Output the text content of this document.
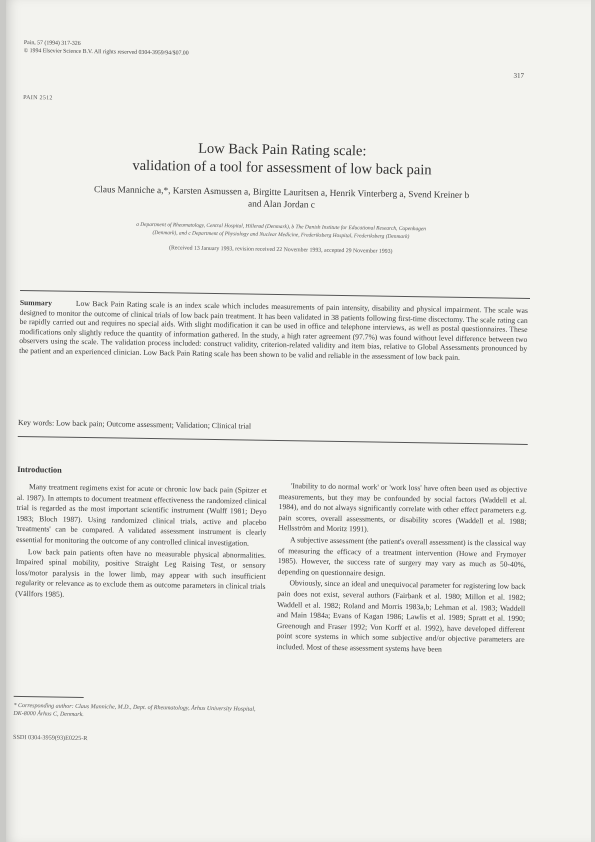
Pain, 57 (1994) 317-326
© 1994 Elsevier Science B.V. All rights reserved 0304-3959/94/$07.00
317
PAIN 2512
Low Back Pain Rating scale:
validation of a tool for assessment of low back pain
Claus Manniche a,*, Karsten Asmussen a, Birgitte Lauritsen a, Henrik Vinterberg a, Svend Kreiner b
and Alan Jordan c
a Department of Rheumatology, Central Hospital, Hillerød (Denmark), b The Danish Institute for Educational Research, Copenhagen
(Denmark), and c Department of Physiology and Nuclear Medicine, Frederiksberg Hospital, Frederiksberg (Denmark)
(Received 13 January 1993, revision received 22 November 1993, accepted 29 November 1993)
Summary	Low Back Pain Rating scale is an index scale which includes measurements of pain intensity, disability and physical impairment. The scale was designed to monitor the outcome of clinical trials of low back pain treatment. It has been validated in 38 patients following first-time discectomy. The scale rating can be rapidly carried out and requires no special aids. With slight modification it can be used in office and telephone interviews, as well as postal questionnaires. These modifications only slightly reduce the quantity of information gathered. In the study, a high rater agreement (97.7%) was found without level difference between two observers using the scale. The validation process included: construct validity, criterion-related validity and item bias, relative to Global Assessments pronounced by the patient and an experienced clinician. Low Back Pain Rating scale has been shown to be valid and reliable in the assessment of low back pain.
Key words: Low back pain; Outcome assessment; Validation; Clinical trial
Introduction

Many treatment regimens exist for acute or chronic low back pain (Spitzer et al. 1987). In attempts to document treatment effectiveness the randomized clinical trial is regarded as the most important scientific instrument (Wulff 1981; Deyo 1983; Bloch 1987). Using randomized clinical trials, active and placebo 'treatments' can be compared. A validated assessment instrument is clearly essential for monitoring the outcome of any controlled clinical investigation.

Low back pain patients often have no measurable physical abnormalities. Impaired spinal mobility, positive Straight Leg Raising Test, or sensory loss/motor paralysis in the lower limb, may appear with such insufficient regularity or relevance as to exclude them as outcome parameters in clinical trials (Vällfors 1985).

'Inability to do normal work' or 'work loss' have often been used as objective measurements, but they may be confounded by social factors (Waddell et al. 1984), and do not always significantly correlate with other effect parameters e.g. pain scores, overall assessments, or disability scores (Waddell et al. 1988; Hellsström and Moritz 1991).

A subjective assessment (the patient's overall assessment) is the classical way of measuring the efficacy of a treatment intervention (Howe and Frymoyer 1985). However, the success rate of surgery may vary as much as 50-40%, depending on questionnaire design.

Obviously, since an ideal and unequivocal parameter for registering low back pain does not exist, several authors (Fairbank et al. 1980; Millon et al. 1982; Waddell et al. 1982; Roland and Morris 1983a,b; Lehman et al. 1983; Waddell and Main 1984a; Evans of Kagan 1986; Lawlis et al. 1989; Spratt et al. 1990; Greenough and Fraser 1992; Von Korff et al. 1992), have developed different point score systems in which some subjective and/or objective parameters are included. Most of these assessment systems have been

* Corresponding author: Claus Manniche, M.D., Dept. of Rheumatology, Århus University Hospital, DK-8000 Århus C, Denmark.
SSDI 0304-3959(93)E0225-R
